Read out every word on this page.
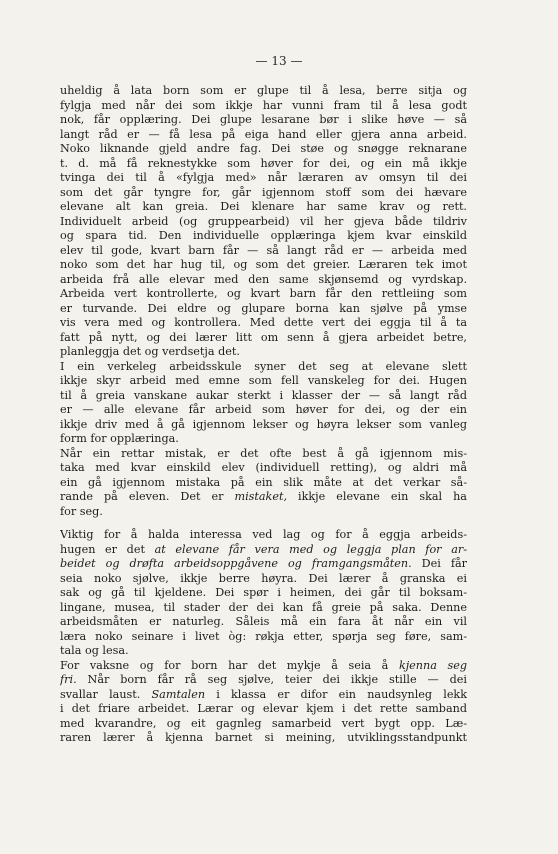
— 13 —
uheldig å lata born som er glupe til å lesa, berre sitja og
fylgja med når dei som ikkje har vunni fram til å lesa godt
nok, får opplæring. Dei glupe lesarane bør i slike høve — så
langt råd er — få lesa på eiga hand eller gjera anna arbeid.
Noko liknande gjeld andre fag. Dei støe og snøgge reknarane
t. d. må få reknestykke som høver for dei, og ein må ikkje
tvinga dei til å «fylgja med» når læraren av omsyn til dei
som det går tyngre for, går igjennom stoff som dei hævare
elevane alt kan greia. Dei klenare har same krav og rett.
Individuelt arbeid (og gruppearbeid) vil her gjeva både tildriv
og spara tid. Den individuelle opplæringa kjem kvar einskild
elev til gode, kvart barn får — så langt råd er — arbeida med
noko som det har hug til, og som det greier. Læraren tek imot
arbeida frå alle elevar med den same skjønsemd og vyrdskap.
Arbeida vert kontrollerte, og kvart barn får den rettleiing som
er turvande. Dei eldre og glupare borna kan sjølve på ymse
vis vera med og kontrollera. Med dette vert dei eggja til å ta
fatt på nytt, og dei lærer litt om senn å gjera arbeidet betre,
planleggja det og verdsetja det.
I ein verkeleg arbeidsskule syner det seg at elevane slett
ikkje skyr arbeid med emne som fell vanskeleg for dei. Hugen
til å greia vanskane aukar sterkt i klasser der — så langt råd
er — alle elevane får arbeid som høver for dei, og der ein
ikkje driv med å gå igjennom lekser og høyra lekser som vanleg
form for opplæringa.
Når ein rettar mistak, er det ofte best å gå igjennom mis-
taka med kvar einskild elev (individuell retting), og aldri må
ein gå igjennom mistaka på ein slik måte at det verkar så-
rande på eleven. Det er mistaket, ikkje elevane ein skal ha
for seg.
Viktig for å halda interessa ved lag og for å eggja arbeids-
hugen er det at elevane får vera med og leggja plan for ar-
beidet og drøfta arbeidsoppgåvene og framgangsmåten. Dei får
seia noko sjølve, ikkje berre høyra. Dei lærer å granska ei
sak og gå til kjeldene. Dei spør i heimen, dei går til boksam-
lingane, musea, til stader der dei kan få greie på saka. Denne
arbeidsmåten er naturleg. Såleis må ein fara åt når ein vil
læra noko seinare i livet òg: røkja etter, spørja seg føre, sam-
tala og lesa.
For vaksne og for born har det mykje å seia å kjenna seg
fri. Når born får rå seg sjølve, teier dei ikkje stille — dei
svallar laust. Samtalen i klassa er difor ein naudsynleg lekk
i det friare arbeidet. Lærar og elevar kjem i det rette samband
med kvarandre, og eit gagnleg samarbeid vert bygt opp. Læ-
raren lærer å kjenna barnet si meining, utviklingsstandpunkt
